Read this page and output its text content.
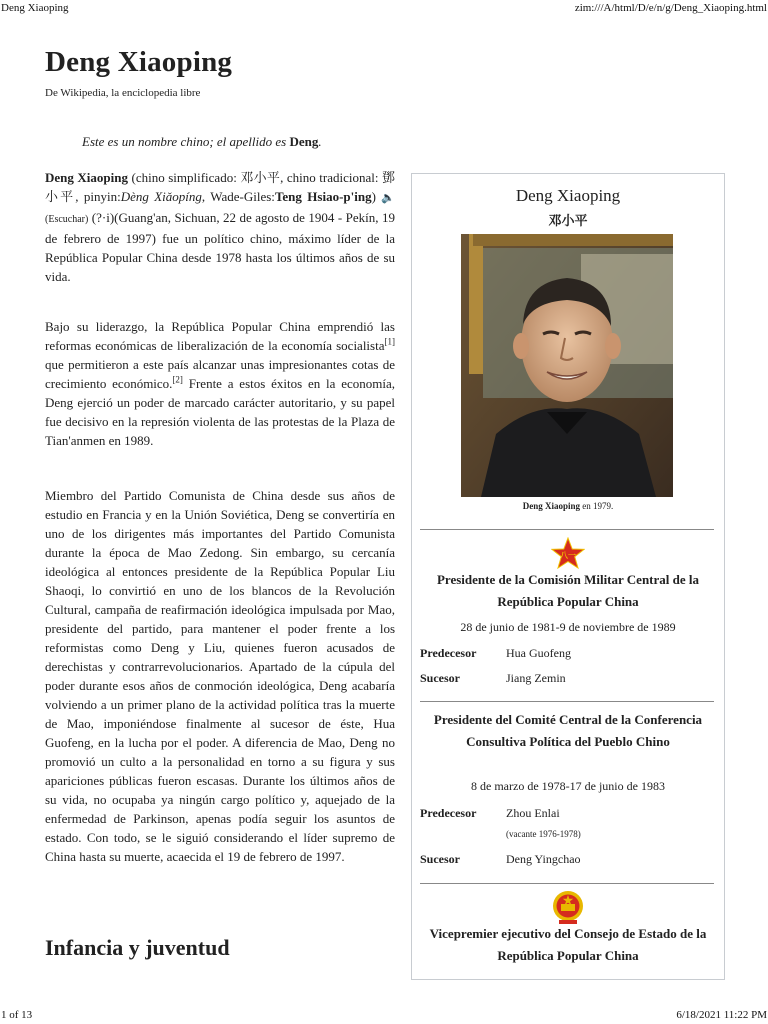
Deng Xiaoping	zim:///A/html/D/e/n/g/Deng_Xiaoping.html
1 of 13	6/18/2021 11:22 PM
Deng Xiaoping
De Wikipedia, la enciclopedia libre
Este es un nombre chino; el apellido es Deng.

Deng Xiaoping (chino simplificado: 邓小平, chino tradicional: 鄧小平, pinyin:Dèng Xiǎopíng, Wade-Giles:Teng Hsiao-p'ing) 🔈 (Escuchar) (?·i)(Guang'an, Sichuan, 22 de agosto de 1904 - Pekín, 19 de febrero de 1997) fue un político chino, máximo líder de la República Popular China desde 1978 hasta los últimos años de su vida.

Bajo su liderazgo, la República Popular China emprendió las reformas económicas de liberalización de la economía socialista[1] que permitieron a este país alcanzar unas impresionantes cotas de crecimiento económico.[2] Frente a estos éxitos en la economía, Deng ejerció un poder de marcado carácter autoritario, y su papel fue decisivo en la represión violenta de las protestas de la Plaza de Tian'anmen en 1989.

Miembro del Partido Comunista de China desde sus años de estudio en Francia y en la Unión Soviética, Deng se convertiría en uno de los dirigentes más importantes del Partido Comunista durante la época de Mao Zedong. Sin embargo, su cercanía ideológica al entonces presidente de la República Popular Liu Shaoqi, lo convirtió en uno de los blancos de la Revolución Cultural, campaña de reafirmación ideológica impulsada por Mao, presidente del partido, para mantener el poder frente a los reformistas como Deng y Liu, quienes fueron acusados de derechistas y contrarrevolucionarios. Apartado de la cúpula del poder durante esos años de conmoción ideológica, Deng acabaría volviendo a un primer plano de la actividad política tras la muerte de Mao, imponiéndose finalmente al sucesor de éste, Hua Guofeng, en la lucha por el poder. A diferencia de Mao, Deng no promovió un culto a la personalidad en torno a su figura y sus apariciones públicas fueron escasas. Durante los últimos años de su vida, no ocupaba ya ningún cargo político y, aquejado de la enfermedad de Parkinson, apenas podía seguir los asuntos de estado. Con todo, se le siguió considerando el líder supremo de China hasta su muerte, acaecida el 19 de febrero de 1997.

Infancia y juventud
Deng Xiaoping
邓小平
Deng Xiaoping en 1979.
八一
Presidente de la Comisión Militar Central de la República Popular China
28 de junio de 1981-9 de noviembre de 1989
Predecesor Hua Guofeng
Sucesor	Jiang Zemin
Presidente del Comité Central de la Conferencia Consultiva Política del Pueblo Chino
8 de marzo de 1978-17 de junio de 1983
Predecesor Zhou Enlai
(vacante 1976-1978)
Sucesor	Deng Yingchao
Vicepremier ejecutivo del Consejo de Estado de la República Popular China
